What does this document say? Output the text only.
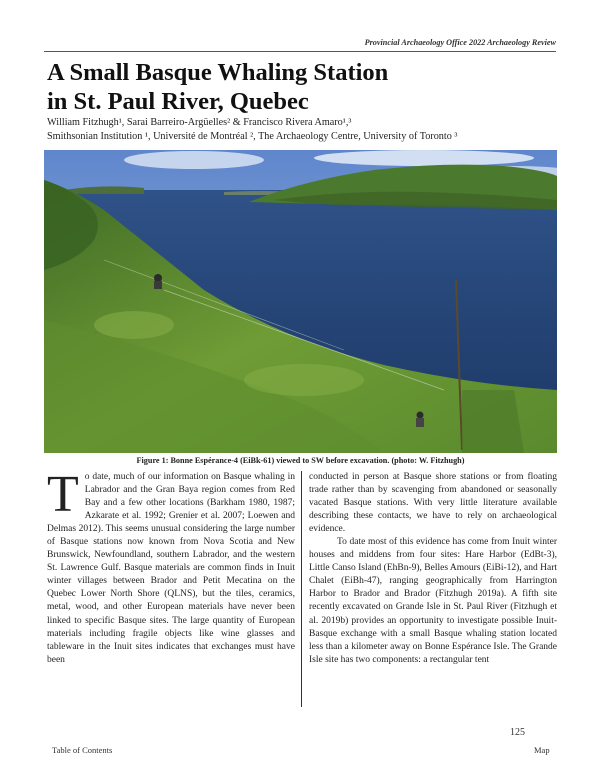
Provincial Archaeology Office 2022 Archaeology Review
A Small Basque Whaling Station
in St. Paul River, Quebec
William Fitzhugh¹, Sarai Barreiro-Argüelles² & Francisco Rivera Amaro¹,³
Smithsonian Institution ¹, Université de Montréal ², The Archaeology Centre, University of Toronto ³
Figure 1: Bonne Espérance-4 (EiBk-61) viewed to SW before excavation. (photo: W. Fitzhugh)
T o date, much of our information on Basque whaling in Labrador and the Gran Baya region comes from Red Bay and a few other locations (Barkham 1980, 1987; Azkarate et al. 1992; Grenier et al. 2007; Loewen and Delmas 2012). This seems unusual considering the large number of Basque stations now known from Nova Scotia and New Brunswick, Newfoundland, southern Labrador, and the western St. Lawrence Gulf. Basque materials are common finds in Inuit winter villages between Brador and Petit Mecatina on the Quebec Lower North Shore (QLNS), but the tiles, ceramics, metal, wood, and other European materials have never been linked to specific Basque sites. The large quantity of European materials including fragile objects like wine glasses and tableware in the Inuit sites indicates that exchanges must have been

conducted in person at Basque shore stations or from floating trade rather than by scavenging from abandoned or seasonally vacated Basque stations. With very little literature available describing these contacts, we have to rely on archaeological evidence.

To date most of this evidence has come from Inuit winter houses and middens from four sites: Hare Harbor (EdBt-3), Little Canso Island (EhBn-9), Belles Amours (EiBi-12), and Hart Chalet (EiBh-47), ranging geographically from Harrington Harbor to Brador and Brador (Fitzhugh 2019a). A fifth site recently excavated on Grande Isle in St. Paul River (Fitzhugh et al. 2019b) provides an opportunity to investigate possible Inuit-Basque exchange with a small Basque whaling station located less than a kilometer away on Bonne Espérance Isle. The Grande Isle site has two components: a rectangular tent

125
Table of Contents	Map
